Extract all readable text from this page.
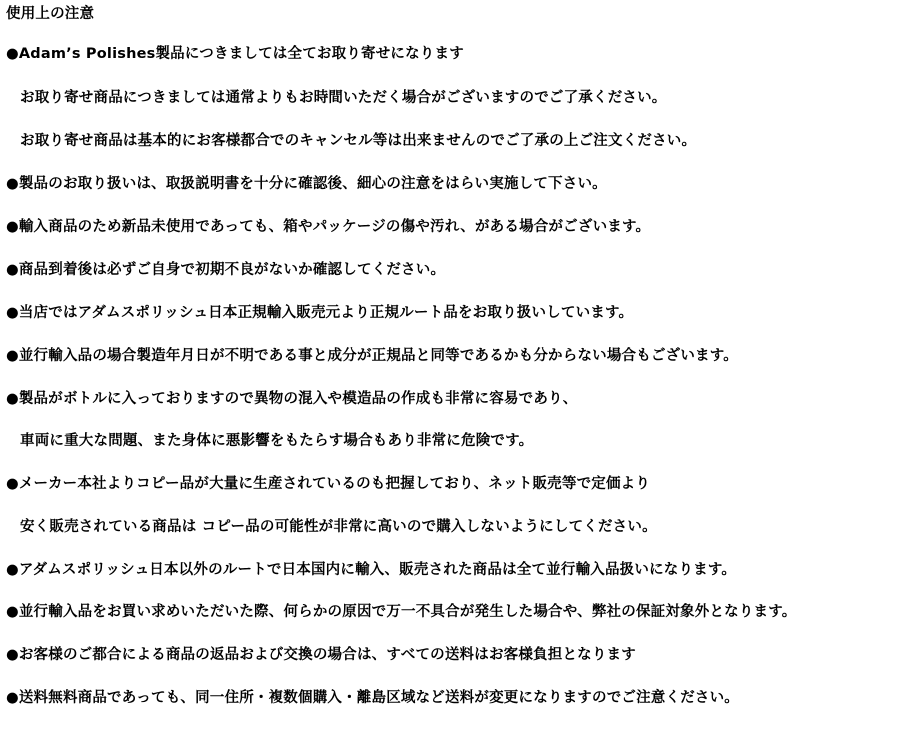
使用上の注意
●Adam’s Polishes製品につきましては全てお取り寄せになります
お取り寄せ商品につきましては通常よりもお時間いただく場合がございますのでご了承ください。
お取り寄せ商品は基本的にお客様都合でのキャンセル等は出来ませんのでご了承の上ご注文ください。
●製品のお取り扱いは、取扱説明書を十分に確認後、細心の注意をはらい実施して下さい。
●輸入商品のため新品未使用であっても、箱やパッケージの傷や汚れ、がある場合がございます。
●商品到着後は必ずご自身で初期不良がないか確認してください。
●当店ではアダムスポリッシュ日本正規輸入販売元より正規ルート品をお取り扱いしています。
●並行輸入品の場合製造年月日が不明である事と成分が正規品と同等であるかも分からない場合もございます。
●製品がボトルに入っておりますので異物の混入や模造品の作成も非常に容易であり、
車両に重大な問題、また身体に悪影響をもたらす場合もあり非常に危険です。
●メーカー本社よりコピー品が大量に生産されているのも把握しており、ネット販売等で定価より
安く販売されている商品は コピー品の可能性が非常に高いので購入しないようにしてください。
●アダムスポリッシュ日本以外のルートで日本国内に輸入、販売された商品は全て並行輸入品扱いになります。
●並行輸入品をお買い求めいただいた際、何らかの原因で万一不具合が発生した場合や、弊社の保証対象外となります。
●お客様のご都合による商品の返品および交換の場合は、すべての送料はお客様負担となります
●送料無料商品であっても、同一住所・複数個購入・離島区域など送料が変更になりますのでご注意ください。
